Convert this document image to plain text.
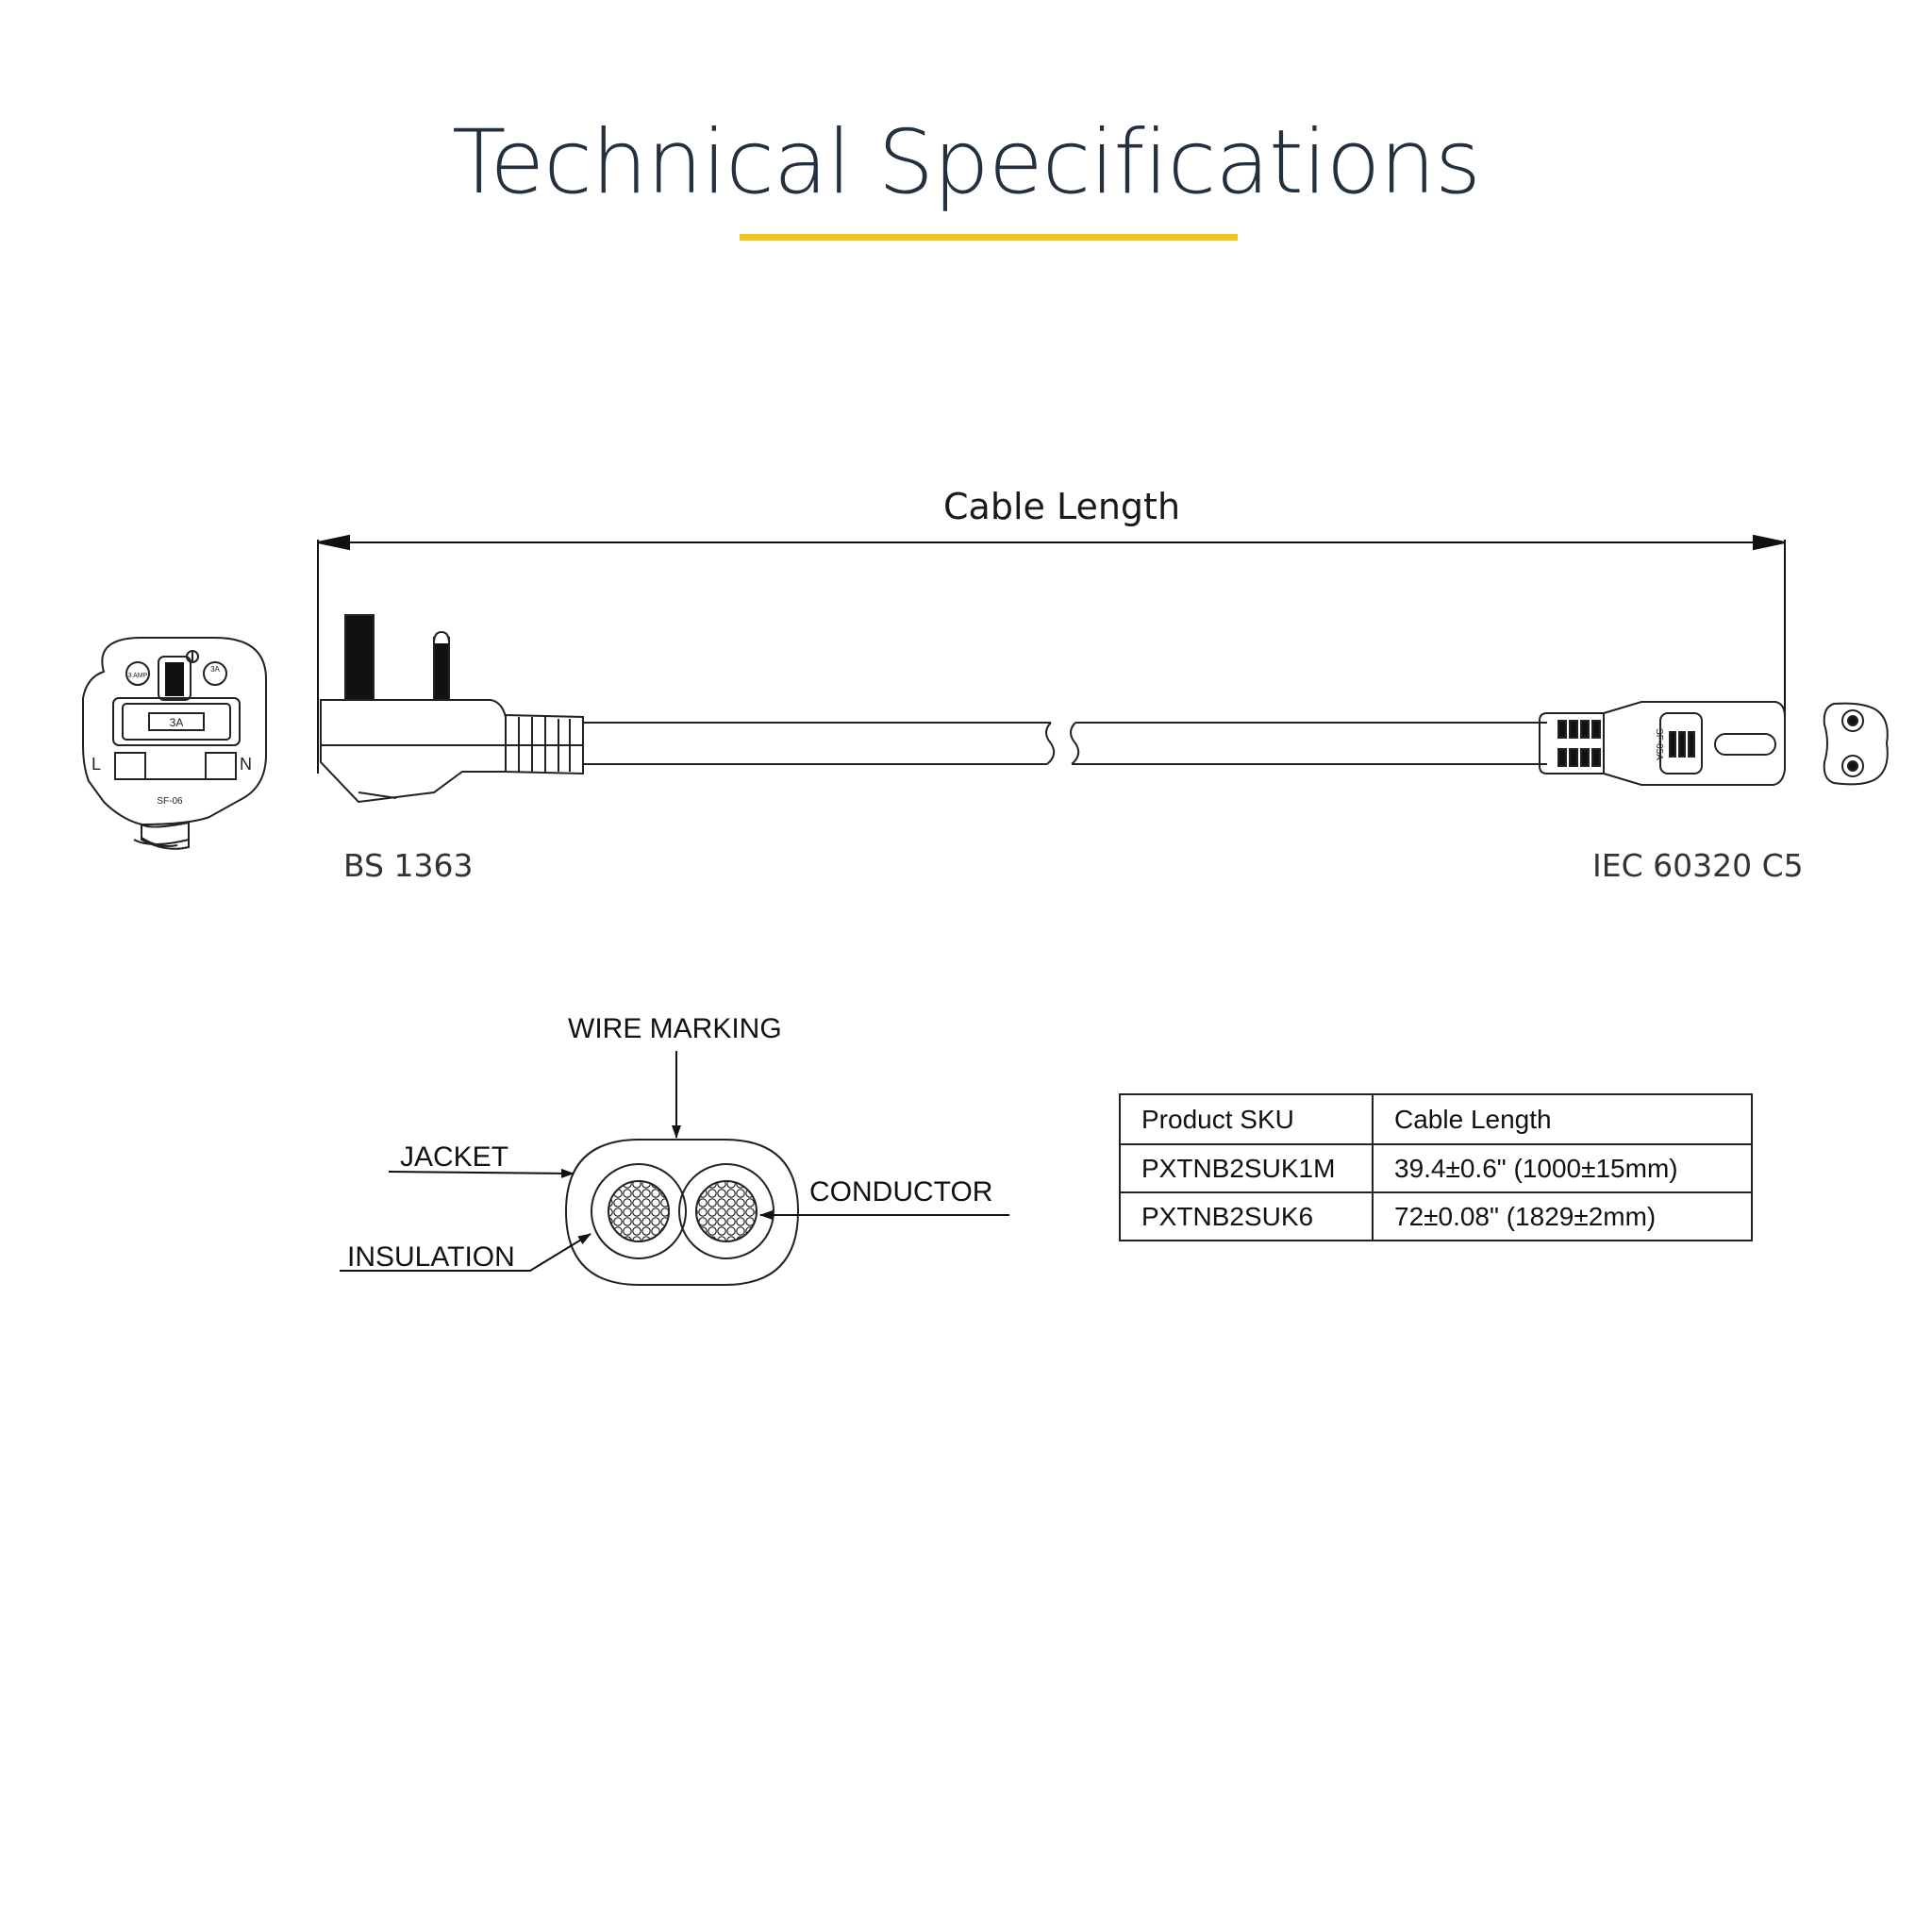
Technical Specifications
3A
L	N
3 AMP
3A
SF-06
SF-05A
Cable Length
BS 1363	IEC 60320 C5
WIRE MARKING
JACKET
CONDUCTOR
INSULATION
Product SKU	Cable Length
PXTNB2SUK1M	39.4±0.6" (1000±15mm)
PXTNB2SUK6	72±0.08" (1829±2mm)
